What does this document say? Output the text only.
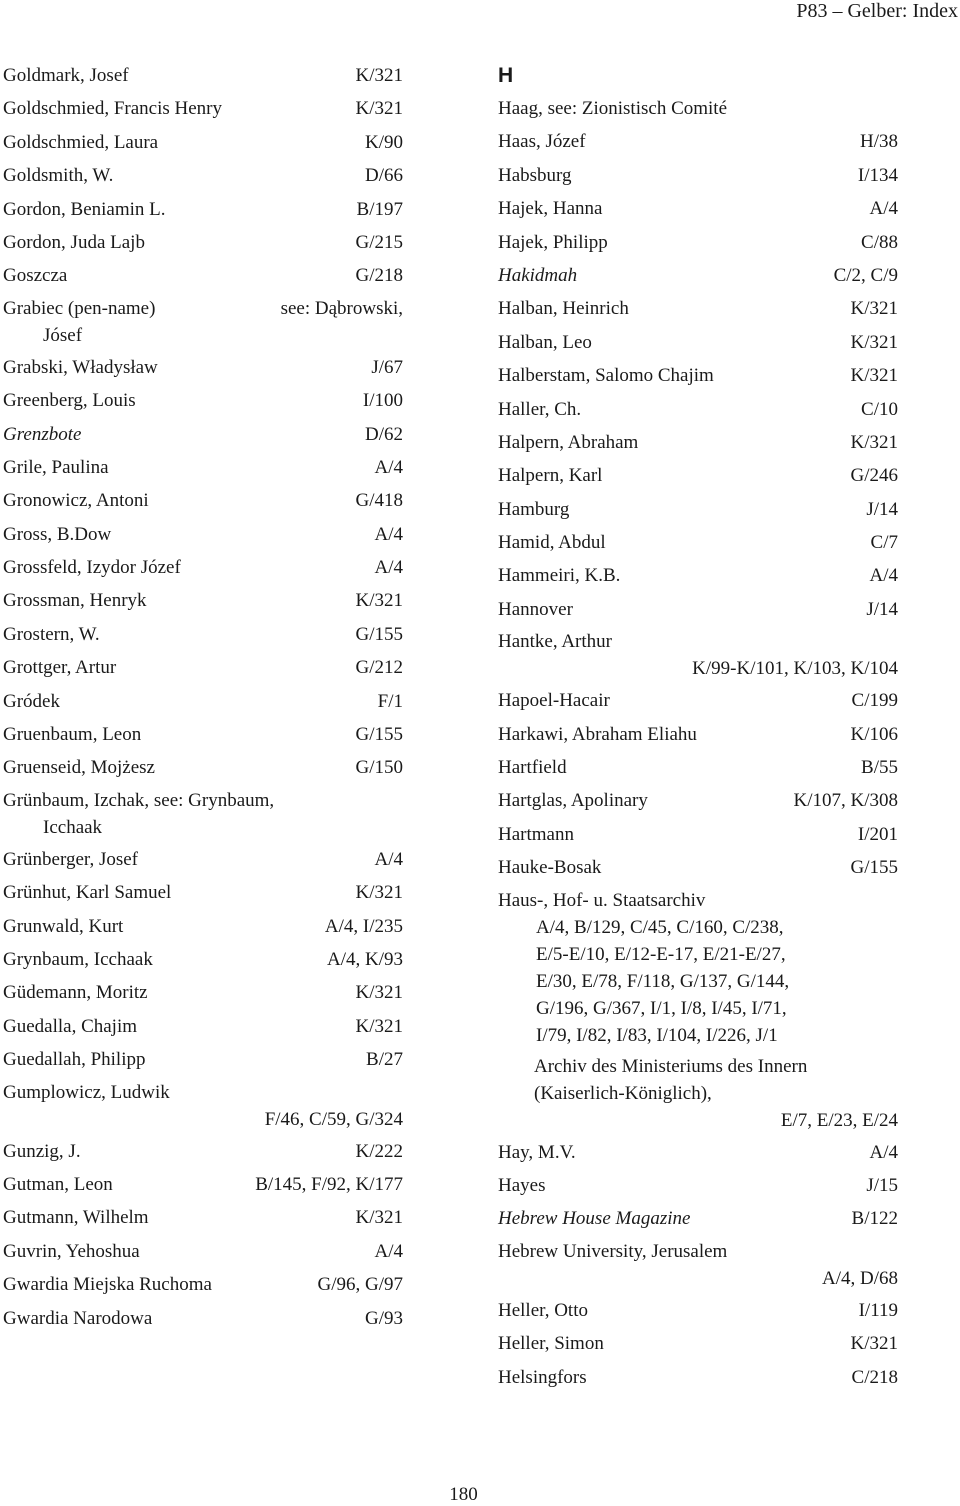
P83 – Gelber: Index
Goldmark, Josef	K/321
Goldschmied, Francis Henry	K/321
Goldschmied, Laura	K/90
Goldsmith, W.	D/66
Gordon, Beniamin L.	B/197
Gordon, Juda Lajb	G/215
Goszcza	G/218
Grabiec (pen-name)	see: Dąbrowski,
Jósef
Grabski, Władysław	J/67
Greenberg, Louis	I/100
Grenzbote	D/62
Grile, Paulina	A/4
Gronowicz, Antoni	G/418
Gross, B.Dow	A/4
Grossfeld, Izydor Józef	A/4
Grossman, Henryk	K/321
Grostern, W.	G/155
Grottger, Artur	G/212
Gródek	F/1
Gruenbaum, Leon	G/155
Gruenseid, Mojżesz	G/150
Grünbaum, Izchak, see: Grynbaum,
Icchaak
Grünberger, Josef	A/4
Grünhut, Karl Samuel	K/321
Grunwald, Kurt	A/4, I/235
Grynbaum, Icchaak	A/4, K/93
Güdemann, Moritz	K/321
Guedalla, Chajim	K/321
Guedallah, Philipp	B/27
Gumplowicz, Ludwik
F/46, C/59, G/324
Gunzig, J.	K/222
Gutman, Leon	B/145, F/92, K/177
Gutmann, Wilhelm	K/321
Guvrin, Yehoshua	A/4
Gwardia Miejska Ruchoma	G/96, G/97
Gwardia Narodowa	G/93
H
Haag, see: Zionistisch Comité
Haas, Józef	H/38
Habsburg	I/134
Hajek, Hanna	A/4
Hajek, Philipp	C/88
Hakidmah	C/2, C/9
Halban, Heinrich	K/321
Halban, Leo	K/321
Halberstam, Salomo Chajim	K/321
Haller, Ch.	C/10
Halpern, Abraham	K/321
Halpern, Karl	G/246
Hamburg	J/14
Hamid, Abdul	C/7
Hammeiri, K.B.	A/4
Hannover	J/14
Hantke, Arthur
K/99-K/101, K/103, K/104
Hapoel-Hacair	C/199
Harkawi, Abraham Eliahu	K/106
Hartfield	B/55
Hartglas, Apolinary	K/107, K/308
Hartmann	I/201
Hauke-Bosak	G/155
Haus-, Hof- u. Staatsarchiv
A/4, B/129, C/45, C/160, C/238,
E/5-E/10, E/12-E-17, E/21-E/27,
E/30, E/78, F/118, G/137, G/144,
G/196, G/367, I/1, I/8, I/45, I/71,
I/79, I/82, I/83, I/104, I/226, J/1
Archiv des Ministeriums des Innern
(Kaiserlich-Königlich),
E/7, E/23, E/24
Hay, M.V.	A/4
Hayes	J/15
Hebrew House Magazine	B/122
Hebrew University, Jerusalem
A/4, D/68
Heller, Otto	I/119
Heller, Simon	K/321
Helsingfors	C/218
180
